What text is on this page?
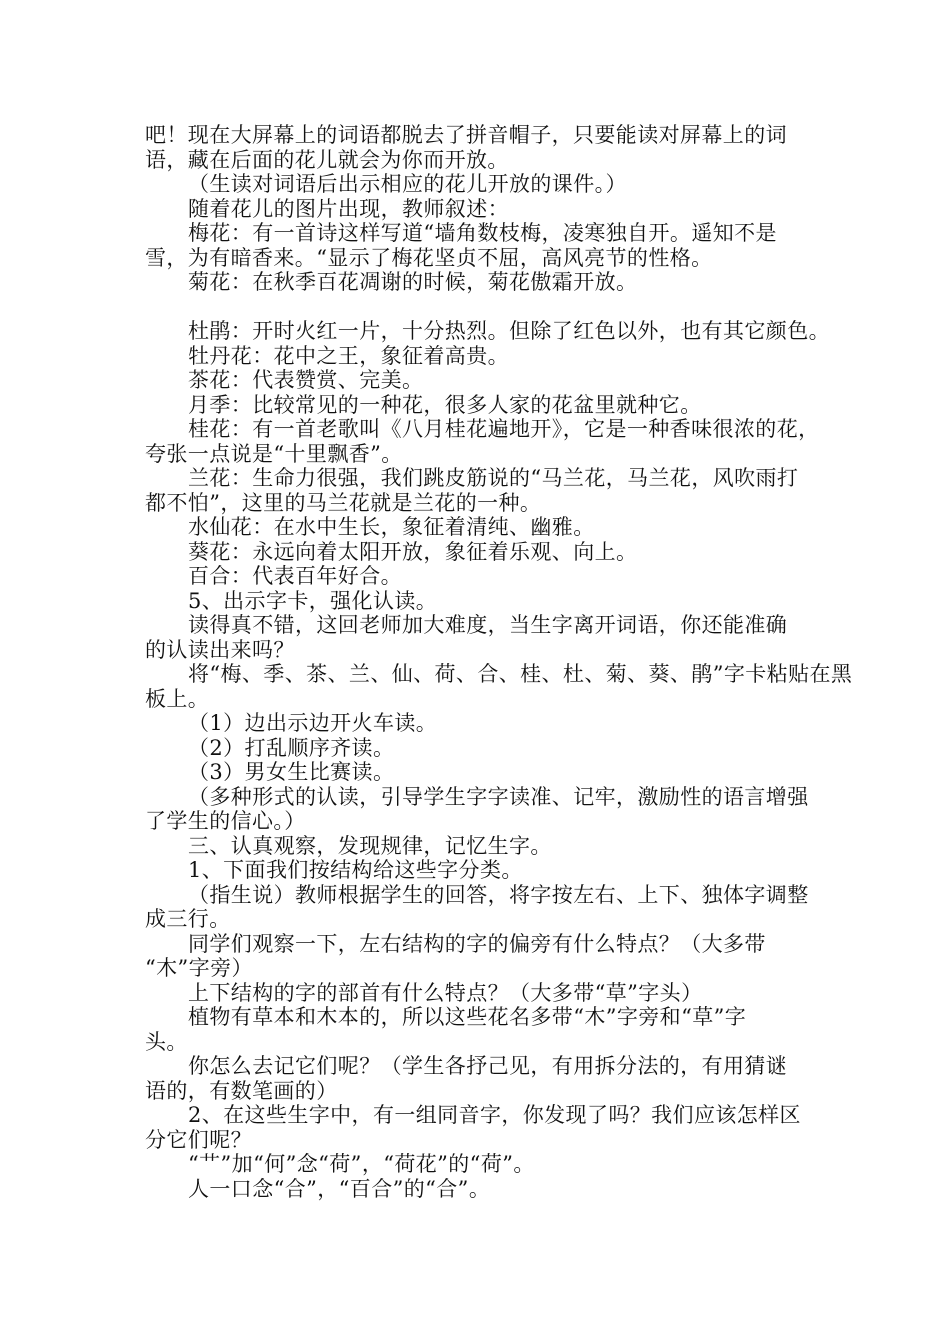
吧！现在大屏幕上的词语都脱去了拼音帽子，只要能读对屏幕上的词
语，藏在后面的花儿就会为你而开放。
（生读对词语后出示相应的花儿开放的课件。）
随着花儿的图片出现，教师叙述：
梅花：有一首诗这样写道“墙角数枝梅，凌寒独自开。遥知不是
雪，为有暗香来。“显示了梅花坚贞不屈，高风亮节的性格。
菊花：在秋季百花凋谢的时候，菊花傲霜开放。
杜鹃：开时火红一片，十分热烈。但除了红色以外，也有其它颜色。
牡丹花：花中之王，象征着高贵。
茶花：代表赞赏、完美。
月季：比较常见的一种花，很多人家的花盆里就种它。
桂花：有一首老歌叫《八月桂花遍地开》，它是一种香味很浓的花，
夸张一点说是“十里飘香”。
兰花：生命力很强，我们跳皮筋说的“马兰花，马兰花，风吹雨打
都不怕”，这里的马兰花就是兰花的一种。
水仙花：在水中生长，象征着清纯、幽雅。
葵花：永远向着太阳开放，象征着乐观、向上。
百合：代表百年好合。
5、出示字卡，强化认读。
读得真不错，这回老师加大难度，当生字离开词语，你还能准确
的认读出来吗？
将“梅、季、茶、兰、仙、荷、合、桂、杜、菊、葵、鹃”字卡粘贴在黑
板上。
（1）边出示边开火车读。
（2）打乱顺序齐读。
（3）男女生比赛读。
（多种形式的认读，引导学生字字读准、记牢，激励性的语言增强
了学生的信心。）
三、认真观察，发现规律，记忆生字。
1、下面我们按结构给这些字分类。
（指生说）教师根据学生的回答，将字按左右、上下、独体字调整
成三行。
同学们观察一下，左右结构的字的偏旁有什么特点？（大多带
“木”字旁）
上下结构的字的部首有什么特点？（大多带“草”字头）
植物有草本和木本的，所以这些花名多带“木”字旁和“草”字
头。
你怎么去记它们呢？（学生各抒己见，有用拆分法的，有用猜谜
语的，有数笔画的）
2、在这些生字中，有一组同音字，你发现了吗？我们应该怎样区
分它们呢？
“艹”加“何”念“荷”，“荷花”的“荷”。
人一口念“合”，“百合”的“合”。
